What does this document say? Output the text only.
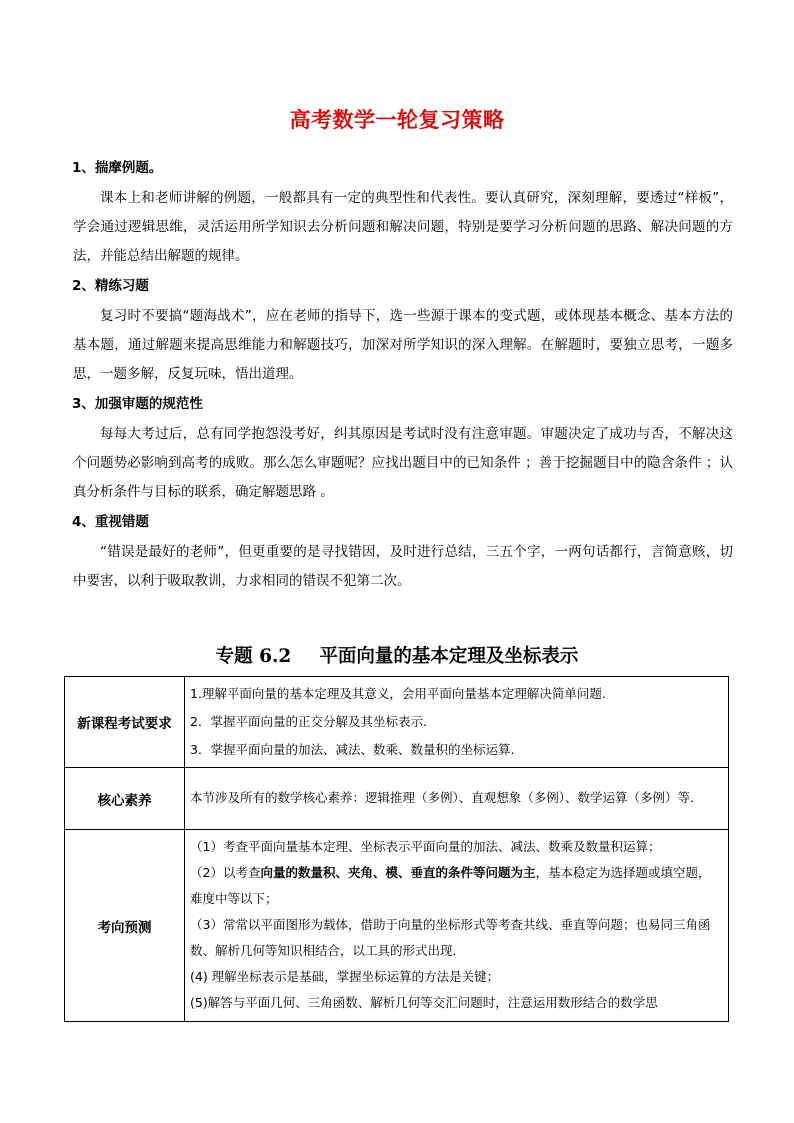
高考数学一轮复习策略
1、揣摩例题。
课本上和老师讲解的例题，一般都具有一定的典型性和代表性。要认真研究，深刻理解，要透过“样板”，学会通过逻辑思维，灵活运用所学知识去分析问题和解决问题，特别是要学习分析问题的思路、解决问题的方法，并能总结出解题的规律。
2、精练习题
复习时不要搞“题海战术”，应在老师的指导下，选一些源于课本的变式题，或体现基本概念、基本方法的基本题，通过解题来提高思维能力和解题技巧，加深对所学知识的深入理解。在解题时，要独立思考，一题多思，一题多解，反复玩味，悟出道理。
3、加强审题的规范性
每每大考过后，总有同学抱怨没考好，纠其原因是考试时没有注意审题。审题决定了成功与否，不解决这个问题势必影响到高考的成败。那么怎么审题呢？应找出题目中的已知条件 ；善于挖掘题目中的隐含条件 ；认真分析条件与目标的联系，确定解题思路 。
4、重视错题
“错误是最好的老师”，但更重要的是寻找错因，及时进行总结，三五个字，一两句话都行，言简意赅，切中要害，以利于吸取教训，力求相同的错误不犯第二次。
专题 6.2 平面向量的基本定理及坐标表示
新课程考试要求	1.理解平面向量的基本定理及其意义，会用平面向量基本定理解决简单问题.
2．掌握平面向量的正交分解及其坐标表示.
3．掌握平面向量的加法、减法、数乘、数量积的坐标运算.

核心素养	本节涉及所有的数学核心素养：逻辑推理（多例）、直观想象（多例）、数学运算（多例）等.

考向预测	（1）考查平面向量基本定理、坐标表示平面向量的加法、减法、数乘及数量积运算；
（2）以考查向量的数量积、夹角、模、垂直的条件等问题为主，基本稳定为选择题或填空题，难度中等以下；
（3）常常以平面图形为载体，借助于向量的坐标形式等考查共线、垂直等问题；也易同三角函数、解析几何等知识相结合，以工具的形式出现．
(4) 理解坐标表示是基础，掌握坐标运算的方法是关键；
(5)解答与平面几何、三角函数、解析几何等交汇问题时，注意运用数形结合的数学思
